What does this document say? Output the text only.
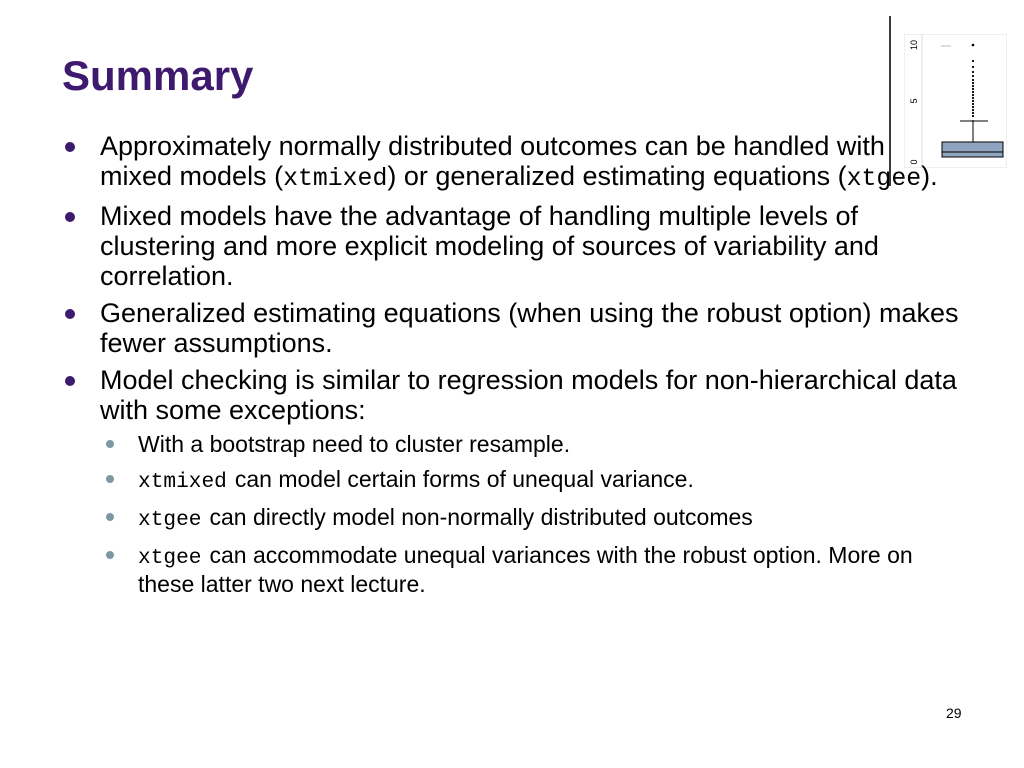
Summary
0
5
10
Approximately normally distributed outcomes can be handled with mixed models (xtmixed) or generalized estimating equations (xtgee).
Mixed models have the advantage of handling multiple levels of clustering and more explicit modeling of sources of variability and correlation.
Generalized estimating equations (when using the robust option) makes fewer assumptions.
Model checking is similar to regression models for non-hierarchical data with some exceptions:
With a bootstrap need to cluster resample.
xtmixed can model certain forms of unequal variance.
xtgee can directly model non-normally distributed outcomes
xtgee can accommodate unequal variances with the robust option. More on these latter two next lecture.
29
